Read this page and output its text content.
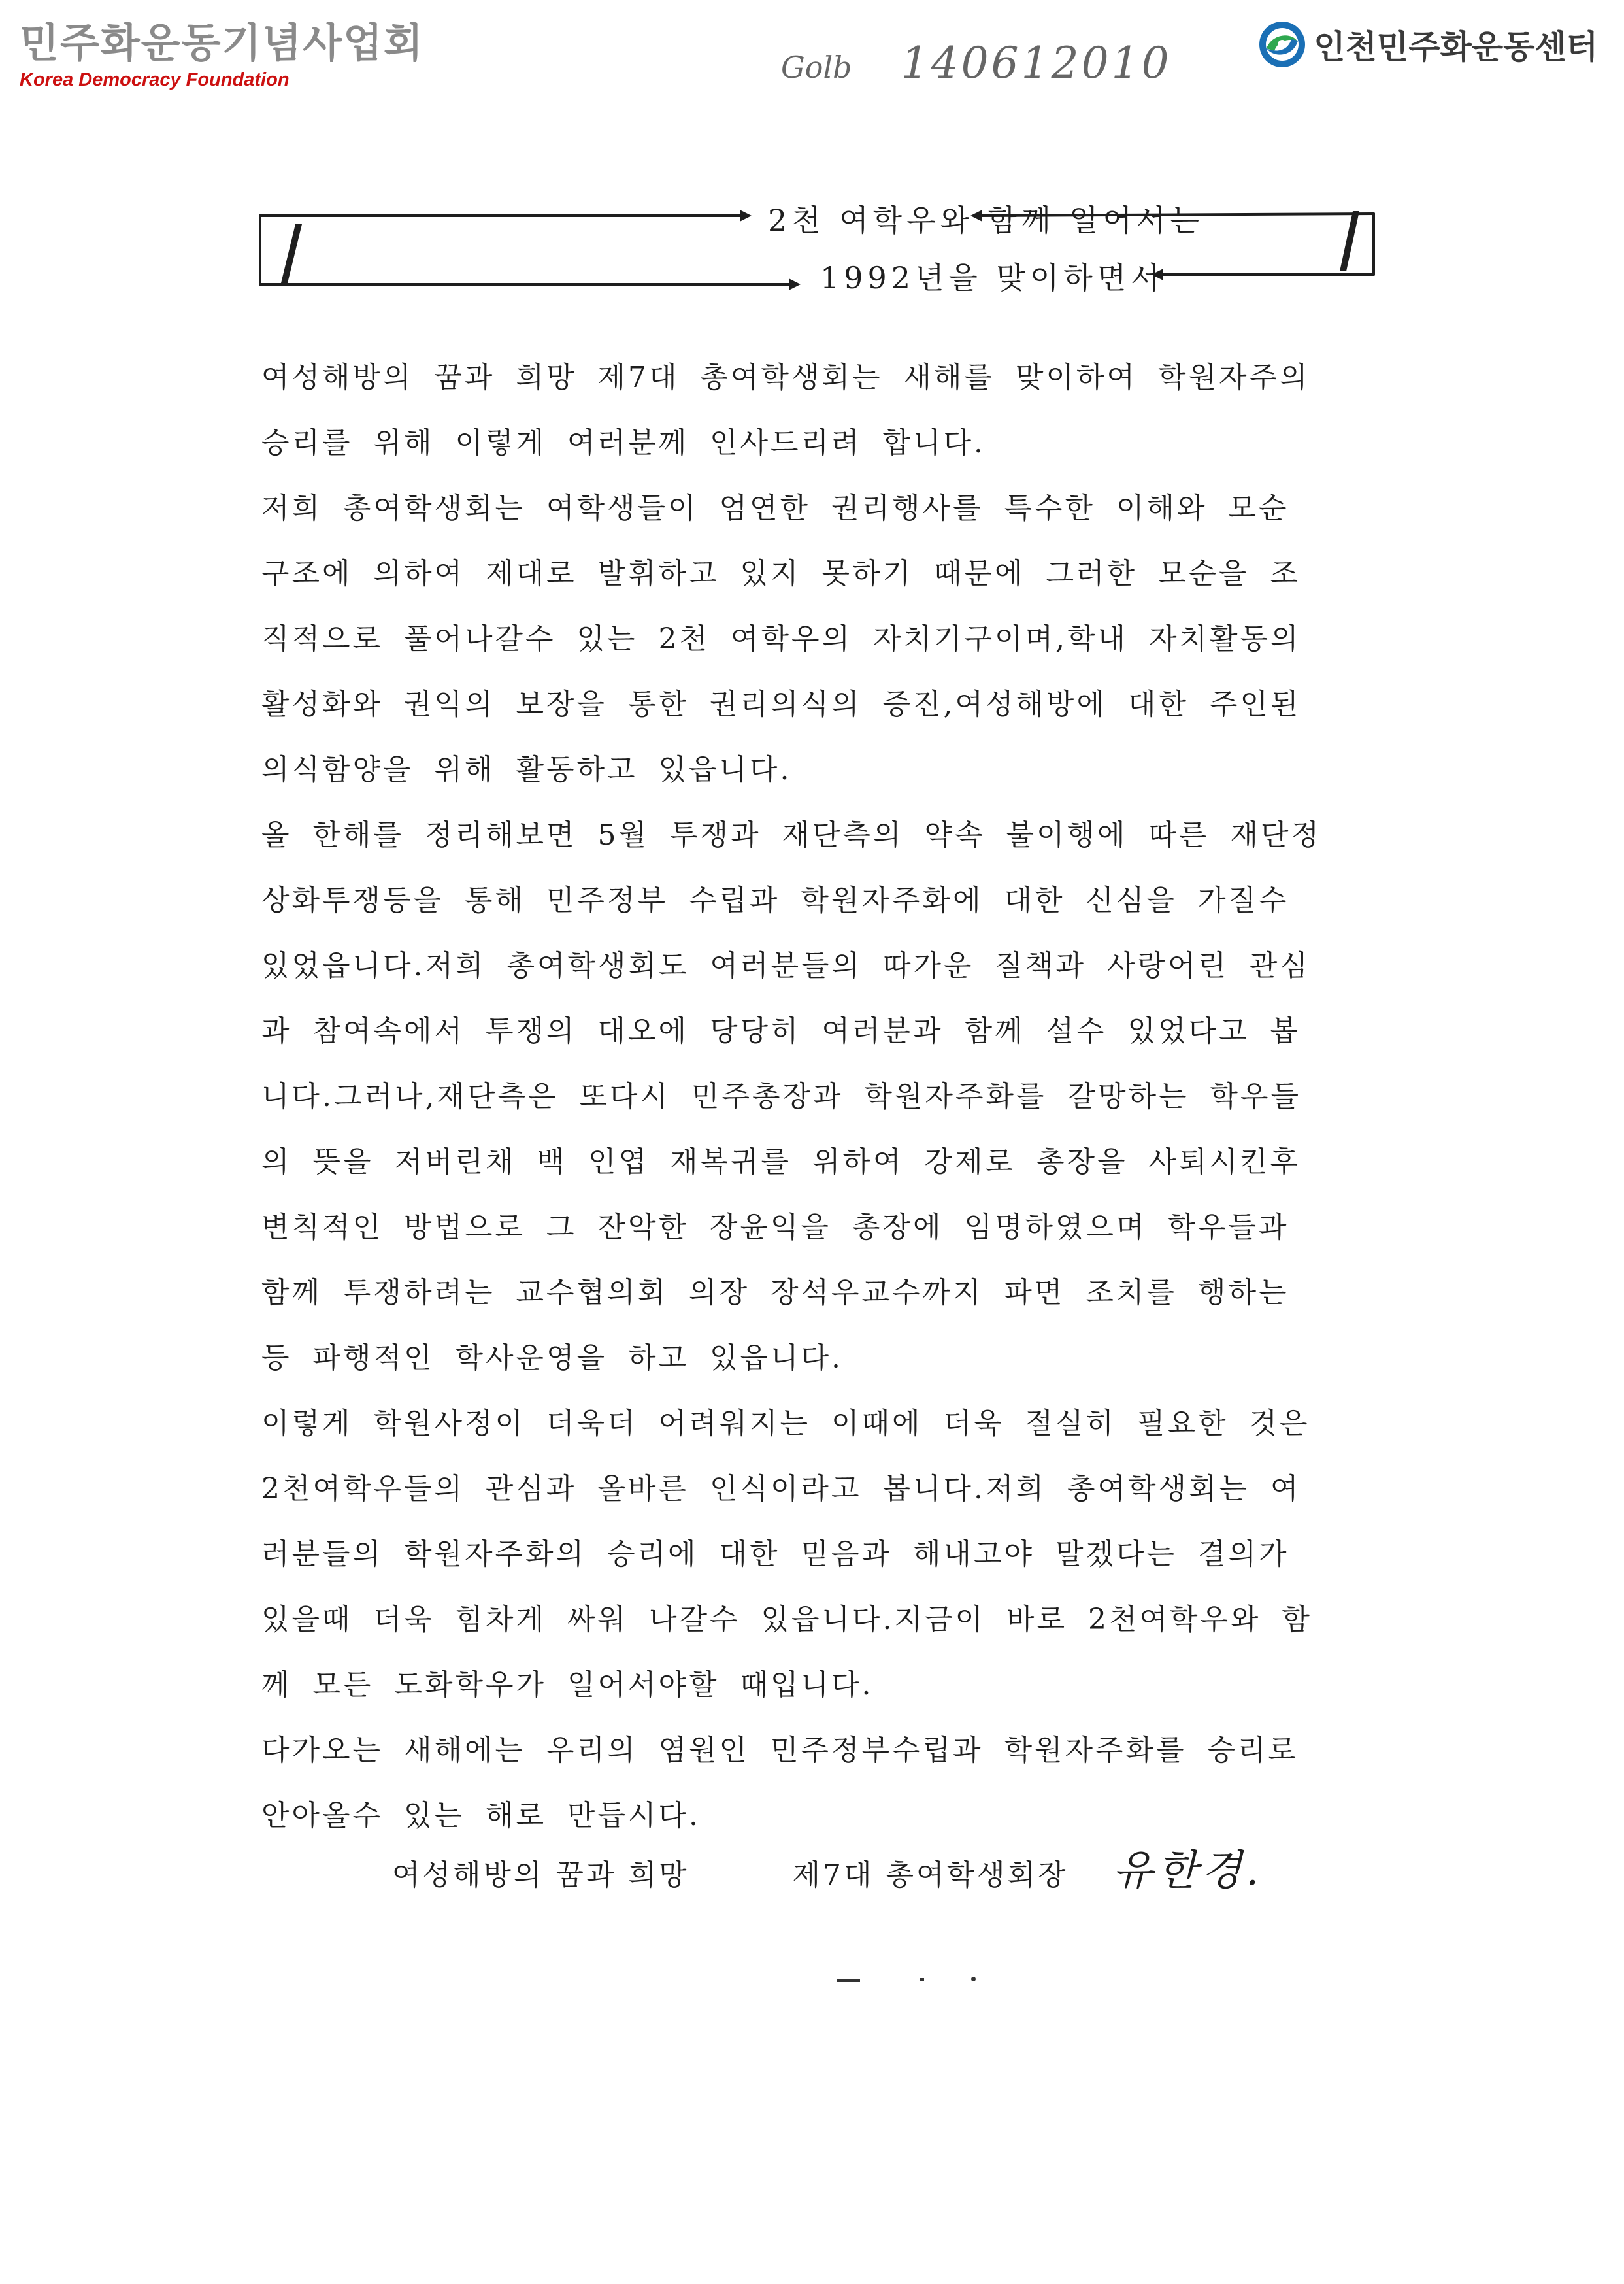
민주화운동기념사업회
Korea Democracy Foundation	Golb 140612010	인천민주화운동센터
2천 여학우와 함께 일어서는
1992년을 맞이하면서
여성해방의 꿈과 희망 제7대 총여학생회는 새해를 맞이하여 학원자주의
승리를 위해 이렇게 여러분께 인사드리려 합니다.
저희 총여학생회는 여학생들이 엄연한 권리행사를 특수한 이해와 모순
구조에 의하여 제대로 발휘하고 있지 못하기 때문에 그러한 모순을 조
직적으로 풀어나갈수 있는 2천 여학우의 자치기구이며,학내 자치활동의
활성화와 권익의 보장을 통한 권리의식의 증진,여성해방에 대한 주인된
의식함양을 위해 활동하고 있읍니다.
올 한해를 정리해보면 5월 투쟁과 재단측의 약속 불이행에 따른 재단정
상화투쟁등을 통해 민주정부 수립과 학원자주화에 대한 신심을 가질수
있었읍니다.저희 총여학생회도 여러분들의 따가운 질책과 사랑어린 관심
과 참여속에서 투쟁의 대오에 당당히 여러분과 함께 설수 있었다고 봅
니다.그러나,재단측은 또다시 민주총장과 학원자주화를 갈망하는 학우들
의 뜻을 저버린채 백 인엽 재복귀를 위하여 강제로 총장을 사퇴시킨후
변칙적인 방법으로 그 잔악한 장윤익을 총장에 임명하였으며 학우들과
함께 투쟁하려는 교수협의회 의장 장석우교수까지 파면 조치를 행하는
등 파행적인 학사운영을 하고 있읍니다.
이렇게 학원사정이 더욱더 어려워지는 이때에 더욱 절실히 필요한 것은
2천여학우들의 관심과 올바른 인식이라고 봅니다.저희 총여학생회는 여
러분들의 학원자주화의 승리에 대한 믿음과 해내고야 말겠다는 결의가
있을때 더욱 힘차게 싸워 나갈수 있읍니다.지금이 바로 2천여학우와 함
께 모든 도화학우가 일어서야할 때입니다.
다가오는 새해에는 우리의 염원인 민주정부수립과 학원자주화를 승리로
안아올수 있는 해로 만듭시다.
여성해방의 꿈과 희망	제7대 총여학생회장 유한경.
